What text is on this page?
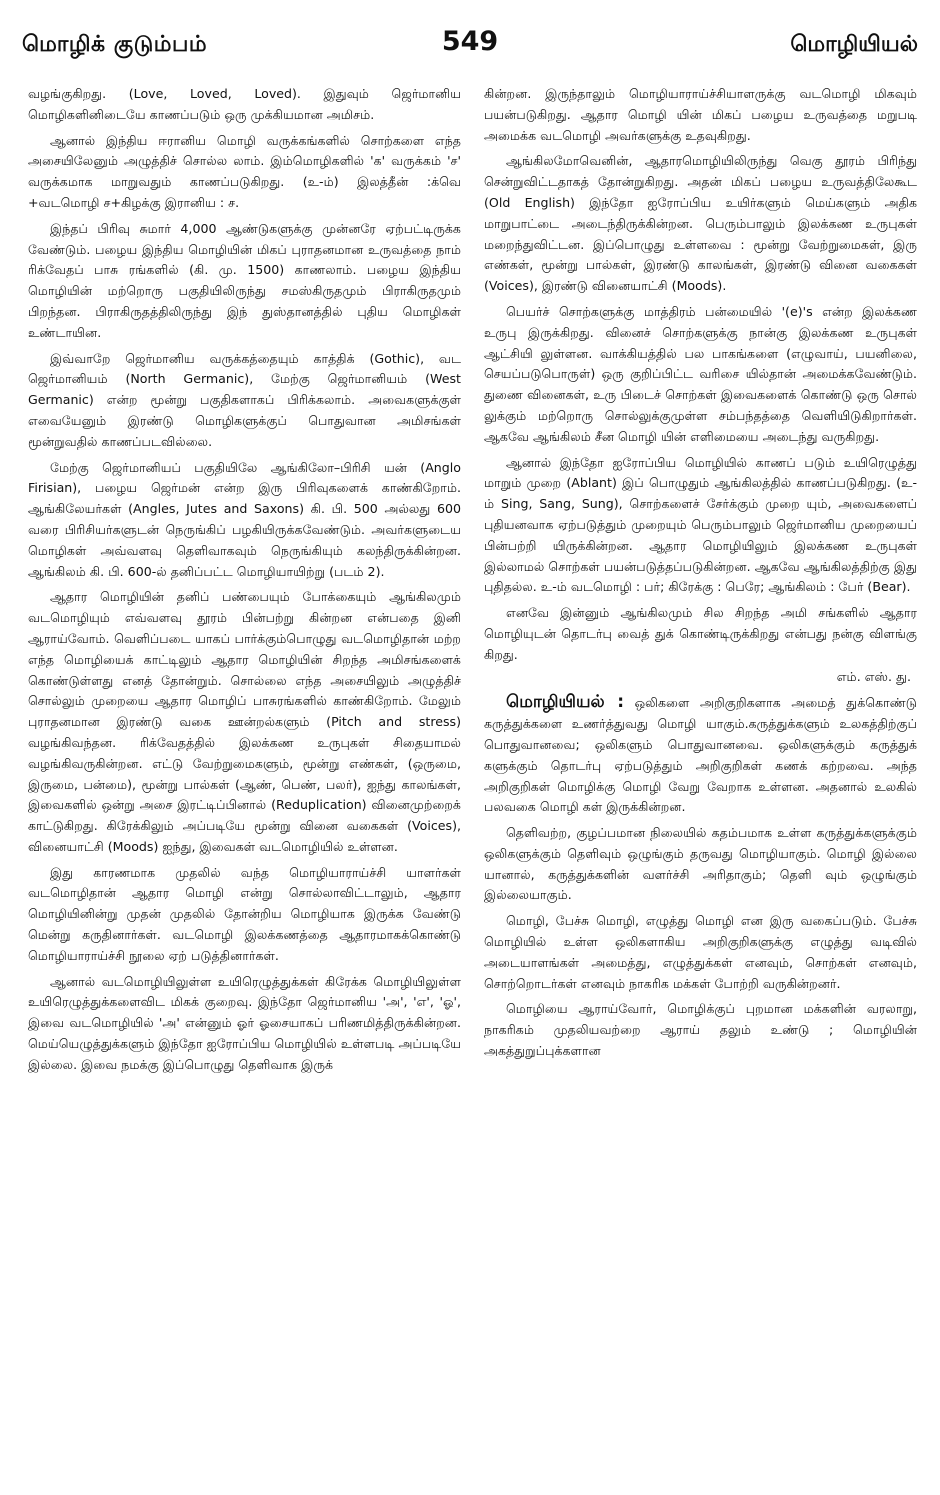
மொழிக் குடும்பம்	549	மொழியியல்

வழங்குகிறது. (Love, Loved, Loved). இதுவும் ஜெர்மானிய மொழிகளினிடையே காணப்படும் ஒரு முக்கியமான அமிசம்.

ஆனால் இந்திய ஈரானிய மொழி வருக்கங்களில் சொற்களை எந்த அசையிலேனும் அழுத்திச் சொல்ல லாம். இம்மொழிகளில் 'க' வருக்கம் 'ச' வருக்கமாக மாறுவதும் காணப்படுகிறது. (உ-ம்) இலத்தீன் :க்வெ +வடமொழி ச+கிழக்கு இரானிய : ச.

இந்தப் பிரிவு சுமார் 4,000 ஆண்டுகளுக்கு முன்னரே ஏற்பட்டிருக்க வேண்டும். பழைய இந்திய மொழியின் மிகப் புராதனமான உருவத்தை நாம் ரிக்வேதப் பாசு ரங்களில் (கி. மு. 1500) காணலாம். பழைய இந்திய மொழியின் மற்றொரு பகுதியிலிருந்து சமஸ்கிருதமும் பிராகிருதமும் பிறந்தன. பிராகிருதத்திலிருந்து இந் துஸ்தானத்தில் புதிய மொழிகள் உண்டாயின.

இவ்வாறே ஜெர்மானிய வருக்கத்தையும் காத்திக் (Gothic), வட ஜெர்மானியம் (North Germanic), மேற்கு ஜெர்மானியம் (West Germanic) என்ற மூன்று பகுதிகளாகப் பிரிக்கலாம். அவைகளுக்குள் எவையேனும் இரண்டு மொழிகளுக்குப் பொதுவான அமிசங்கள் மூன்றுவதில் காணப்படவில்லை.

மேற்கு ஜெர்மானியப் பகுதியிலே ஆங்கிலோ–பிரிசி யன் (Anglo Firisian), பழைய ஜெர்மன் என்ற இரு பிரிவுகளைக் காண்கிறோம். ஆங்கிலேயர்கள் (Angles, Jutes and Saxons) கி. பி. 500 அல்லது 600 வரை பிரிசியர்களுடன் நெருங்கிப் பழகியிருக்கவேண்டும். அவர்களுடைய மொழிகள் அவ்வளவு தெளிவாகவும் நெருங்கியும் கலந்திருக்கின்றன. ஆங்கிலம் கி. பி. 600-ல் தனிப்பட்ட மொழியாயிற்று (படம் 2).

ஆதார மொழியின் தனிப் பண்பையும் போக்கையும் ஆங்கிலமும் வடமொழியும் எவ்வளவு தூரம் பின்பற்று கின்றன என்பதை இனி ஆராய்வோம். வெளிப்படை யாகப் பார்க்கும்பொழுது வடமொழிதான் மற்ற எந்த மொழியைக் காட்டிலும் ஆதார மொழியின் சிறந்த அமிசங்களைக் கொண்டுள்ளது எனத் தோன்றும். சொல்லை எந்த அசையிலும் அழுத்திச் சொல்லும் முறையை ஆதார மொழிப் பாசுரங்களில் காண்கிறோம். மேலும் புராதனமான இரண்டு வகை ஊன்றல்களும் (Pitch and stress) வழங்கிவந்தன. ரிக்வேதத்தில் இலக்கண உருபுகள் சிதையாமல் வழங்கிவருகின்றன. எட்டு வேற்றுமைகளும், மூன்று எண்கள், (ஒருமை, இருமை, பன்மை), மூன்று பால்கள் (ஆண், பெண், பலர்), ஐந்து காலங்கள், இவைகளில் ஒன்று அசை இரட்டிப்பினால் (Reduplication) வினைமுற்றைக் காட்டுகிறது. கிரேக்கிலும் அப்படியே மூன்று வினை வகைகள் (Voices), வினையாட்சி (Moods) ஐந்து, இவைகள் வடமொழியில் உள்ளன.

இது காரணமாக முதலில் வந்த மொழியாராய்ச்சி யாளர்கள் வடமொழிதான் ஆதார மொழி என்று சொல்லாவிட்டாலும், ஆதார மொழியினின்று முதன் முதலில் தோன்றிய மொழியாக இருக்க வேண்டு மென்று கருதினார்கள். வடமொழி இலக்கணத்தை ஆதாரமாகக்கொண்டு மொழியாராய்ச்சி நூலை ஏற் படுத்தினார்கள்.

ஆனால் வடமொழியிலுள்ள உயிரெழுத்துக்கள் கிரேக்க மொழியிலுள்ள உயிரெழுத்துக்களைவிட மிகக் குறைவு. இந்தோ ஜெர்மானிய 'அ', 'எ', 'ஓ', இவை வடமொழியில் 'அ' என்னும் ஓர் ஓசையாகப் பரிணமித்திருக்கின்றன. மெய்யெழுத்துக்களும் இந்தோ ஐரோப்பிய மொழியில் உள்ளபடி அப்படியே இல்லை. இவை நமக்கு இப்பொழுது தெளிவாக இருக்

கின்றன. இருந்தாலும் மொழியாராய்ச்சியாளருக்கு வடமொழி மிகவும் பயன்படுகிறது. ஆதார மொழி யின் மிகப் பழைய உருவத்தை மறுபடி அமைக்க வடமொழி அவர்களுக்கு உதவுகிறது.

ஆங்கிலமோவெனின், ஆதாரமொழியிலிருந்து வெகு தூரம் பிரிந்து சென்றுவிட்டதாகத் தோன்றுகிறது. அதன் மிகப் பழைய உருவத்திலேகூட (Old English) இந்தோ ஐரோப்பிய உயிர்களும் மெய்களும் அதிக மாறுபாட்டை அடைந்திருக்கின்றன. பெரும்பாலும் இலக்கண உருபுகள் மறைந்துவிட்டன. இப்பொழுது உள்ளவை : மூன்று வேற்றுமைகள், இரு எண்கள், மூன்று பால்கள், இரண்டு காலங்கள், இரண்டு வினை வகைகள் (Voices), இரண்டு வினையாட்சி (Moods).

பெயர்ச் சொற்களுக்கு மாத்திரம் பன்மையில் '(e)'s என்ற இலக்கண உருபு இருக்கிறது. வினைச் சொற்களுக்கு நான்கு இலக்கண உருபுகள் ஆட்சியி லுள்ளன. வாக்கியத்தில் பல பாகங்களை (எழுவாய், பயனிலை, செயப்படுபொருள்) ஒரு குறிப்பிட்ட வரிசை யில்தான் அமைக்கவேண்டும். துணை வினைகள், உரு பிடைச் சொற்கள் இவைகளைக் கொண்டு ஒரு சொல் லுக்கும் மற்றொரு சொல்லுக்குமுள்ள சம்பந்தத்தை வெளியிடுகிறார்கள். ஆகவே ஆங்கிலம் சீன மொழி யின் எளிமையை அடைந்து வருகிறது.

ஆனால் இந்தோ ஐரோப்பிய மொழியில் காணப் படும் உயிரெழுத்து மாறும் முறை (Ablant) இப் பொழுதும் ஆங்கிலத்தில் காணப்படுகிறது. (உ-ம் Sing, Sang, Sung), சொற்களைச் சேர்க்கும் முறை யும், அவைகளைப் புதியனவாக ஏற்படுத்தும் முறையும் பெரும்பாலும் ஜெர்மானிய முறையைப் பின்பற்றி யிருக்கின்றன. ஆதார மொழியிலும் இலக்கண உருபுகள் இல்லாமல் சொற்கள் பயன்படுத்தப்படுகின்றன. ஆகவே ஆங்கிலத்திற்கு இது புதிதல்ல. உ-ம் வடமொழி : பர்; கிரேக்கு : பெரே; ஆங்கிலம் : பேர் (Bear).

எனவே இன்னும் ஆங்கிலமும் சில சிறந்த அமி சங்களில் ஆதார மொழியுடன் தொடர்பு வைத் துக் கொண்டிருக்கிறது என்பது நன்கு விளங்கு கிறது.

எம். எஸ். து.

மொழியியல் : ஒலிகளை அறிகுறிகளாக அமைத் துக்கொண்டு கருத்துக்களை உணர்த்துவது மொழி யாகும்.கருத்துக்களும் உலகத்திற்குப் பொதுவானவை; ஒலிகளும் பொதுவானவை. ஒலிகளுக்கும் கருத்துக் களுக்கும் தொடர்பு ஏற்படுத்தும் அறிகுறிகள் கணக் கற்றவை. அந்த அறிகுறிகள் மொழிக்கு மொழி வேறு வேறாக உள்ளன. அதனால் உலகில் பலவகை மொழி கள் இருக்கின்றன.

தெளிவற்ற, குழப்பமான நிலையில் கதம்பமாக உள்ள கருத்துக்களுக்கும் ஒலிகளுக்கும் தெளிவும் ஒழுங்கும் தருவது மொழியாகும். மொழி இல்லை யானால், கருத்துக்களின் வளர்ச்சி அரிதாகும்; தெளி வும் ஒழுங்கும் இல்லையாகும்.

மொழி, பேச்சு மொழி, எழுத்து மொழி என இரு வகைப்படும். பேச்சு மொழியில் உள்ள ஒலிகளாகிய அறிகுறிகளுக்கு எழுத்து வடிவில் அடையாளங்கள் அமைத்து, எழுத்துக்கள் எனவும், சொற்கள் எனவும், சொற்றொடர்கள் எனவும் நாகரிக மக்கள் போற்றி வருகின்றனர்.

மொழியை ஆராய்வோர், மொழிக்குப் புறமான மக்களின் வரலாறு, நாகரிகம் முதலியவற்றை ஆராய் தலும் உண்டு ; மொழியின் அகத்துறுப்புக்களான
